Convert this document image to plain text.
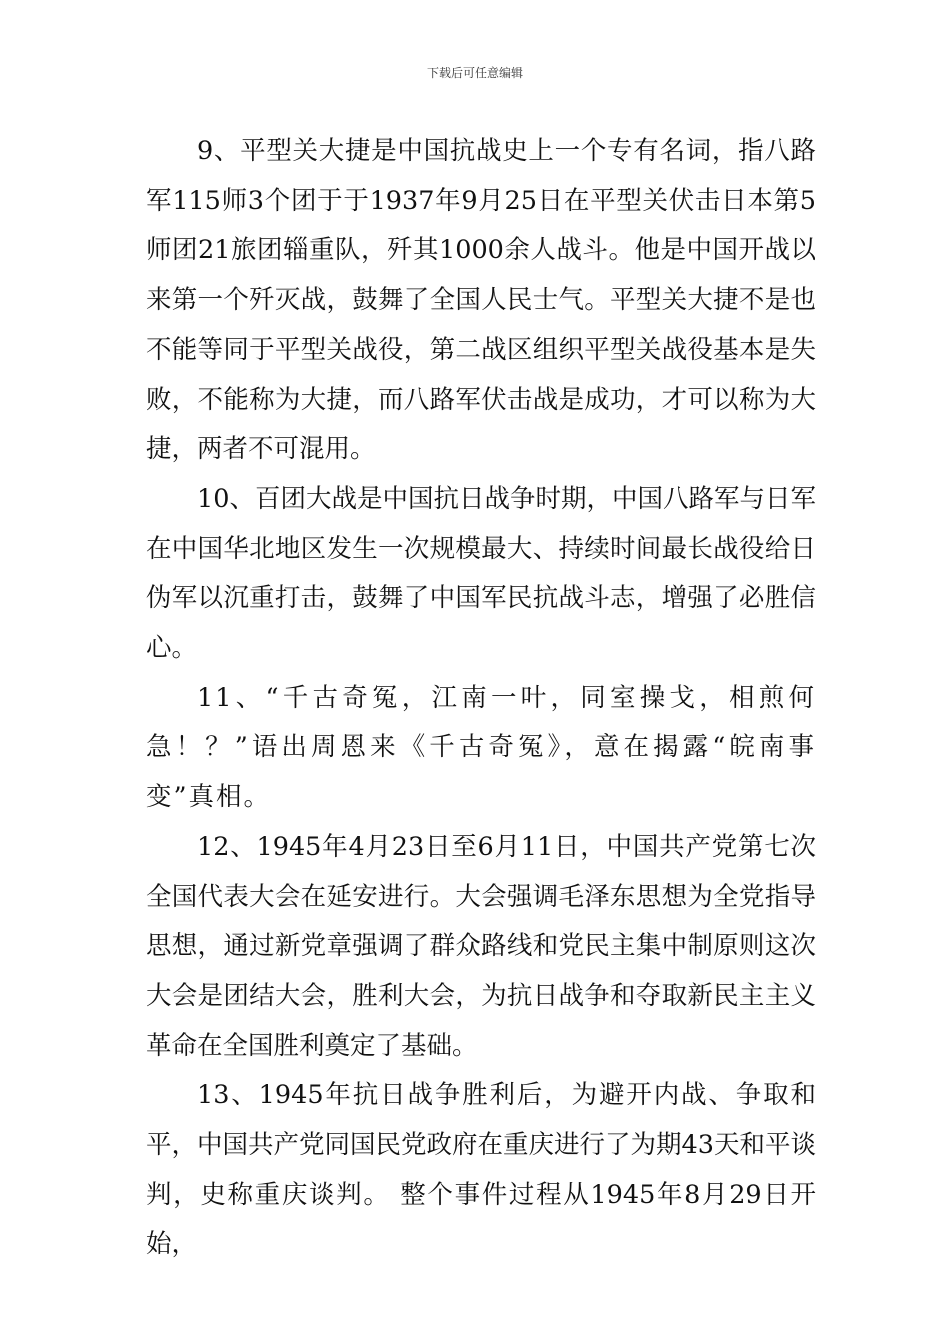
下载后可任意编辑

9、平型关大捷是中国抗战史上一个专有名词，指八路军115师3个团于于1937年9月25日在平型关伏击日本第5师团21旅团辎重队，歼其1000余人战斗。他是中国开战以来第一个歼灭战，鼓舞了全国人民士气。平型关大捷不是也不能等同于平型关战役，第二战区组织平型关战役基本是失败，不能称为大捷，而八路军伏击战是成功，才可以称为大捷，两者不可混用。

10、百团大战是中国抗日战争时期，中国八路军与日军在中国华北地区发生一次规模最大、持续时间最长战役给日伪军以沉重打击，鼓舞了中国军民抗战斗志，增强了必胜信心。

11、“千古奇冤，江南一叶，同室操戈，相煎何急！？”语出周恩来《千古奇冤》，意在揭露“皖南事变”真相。

12、1945年4月23日至6月11日，中国共产党第七次全国代表大会在延安进行。大会强调毛泽东思想为全党指导思想，通过新党章强调了群众路线和党民主集中制原则这次大会是团结大会，胜利大会，为抗日战争和夺取新民主主义革命在全国胜利奠定了基础。

13、1945年抗日战争胜利后，为避开内战、争取和平，中国共产党同国民党政府在重庆进行了为期43天和平谈判，史称重庆谈判。 整个事件过程从1945年8月29日开始，
